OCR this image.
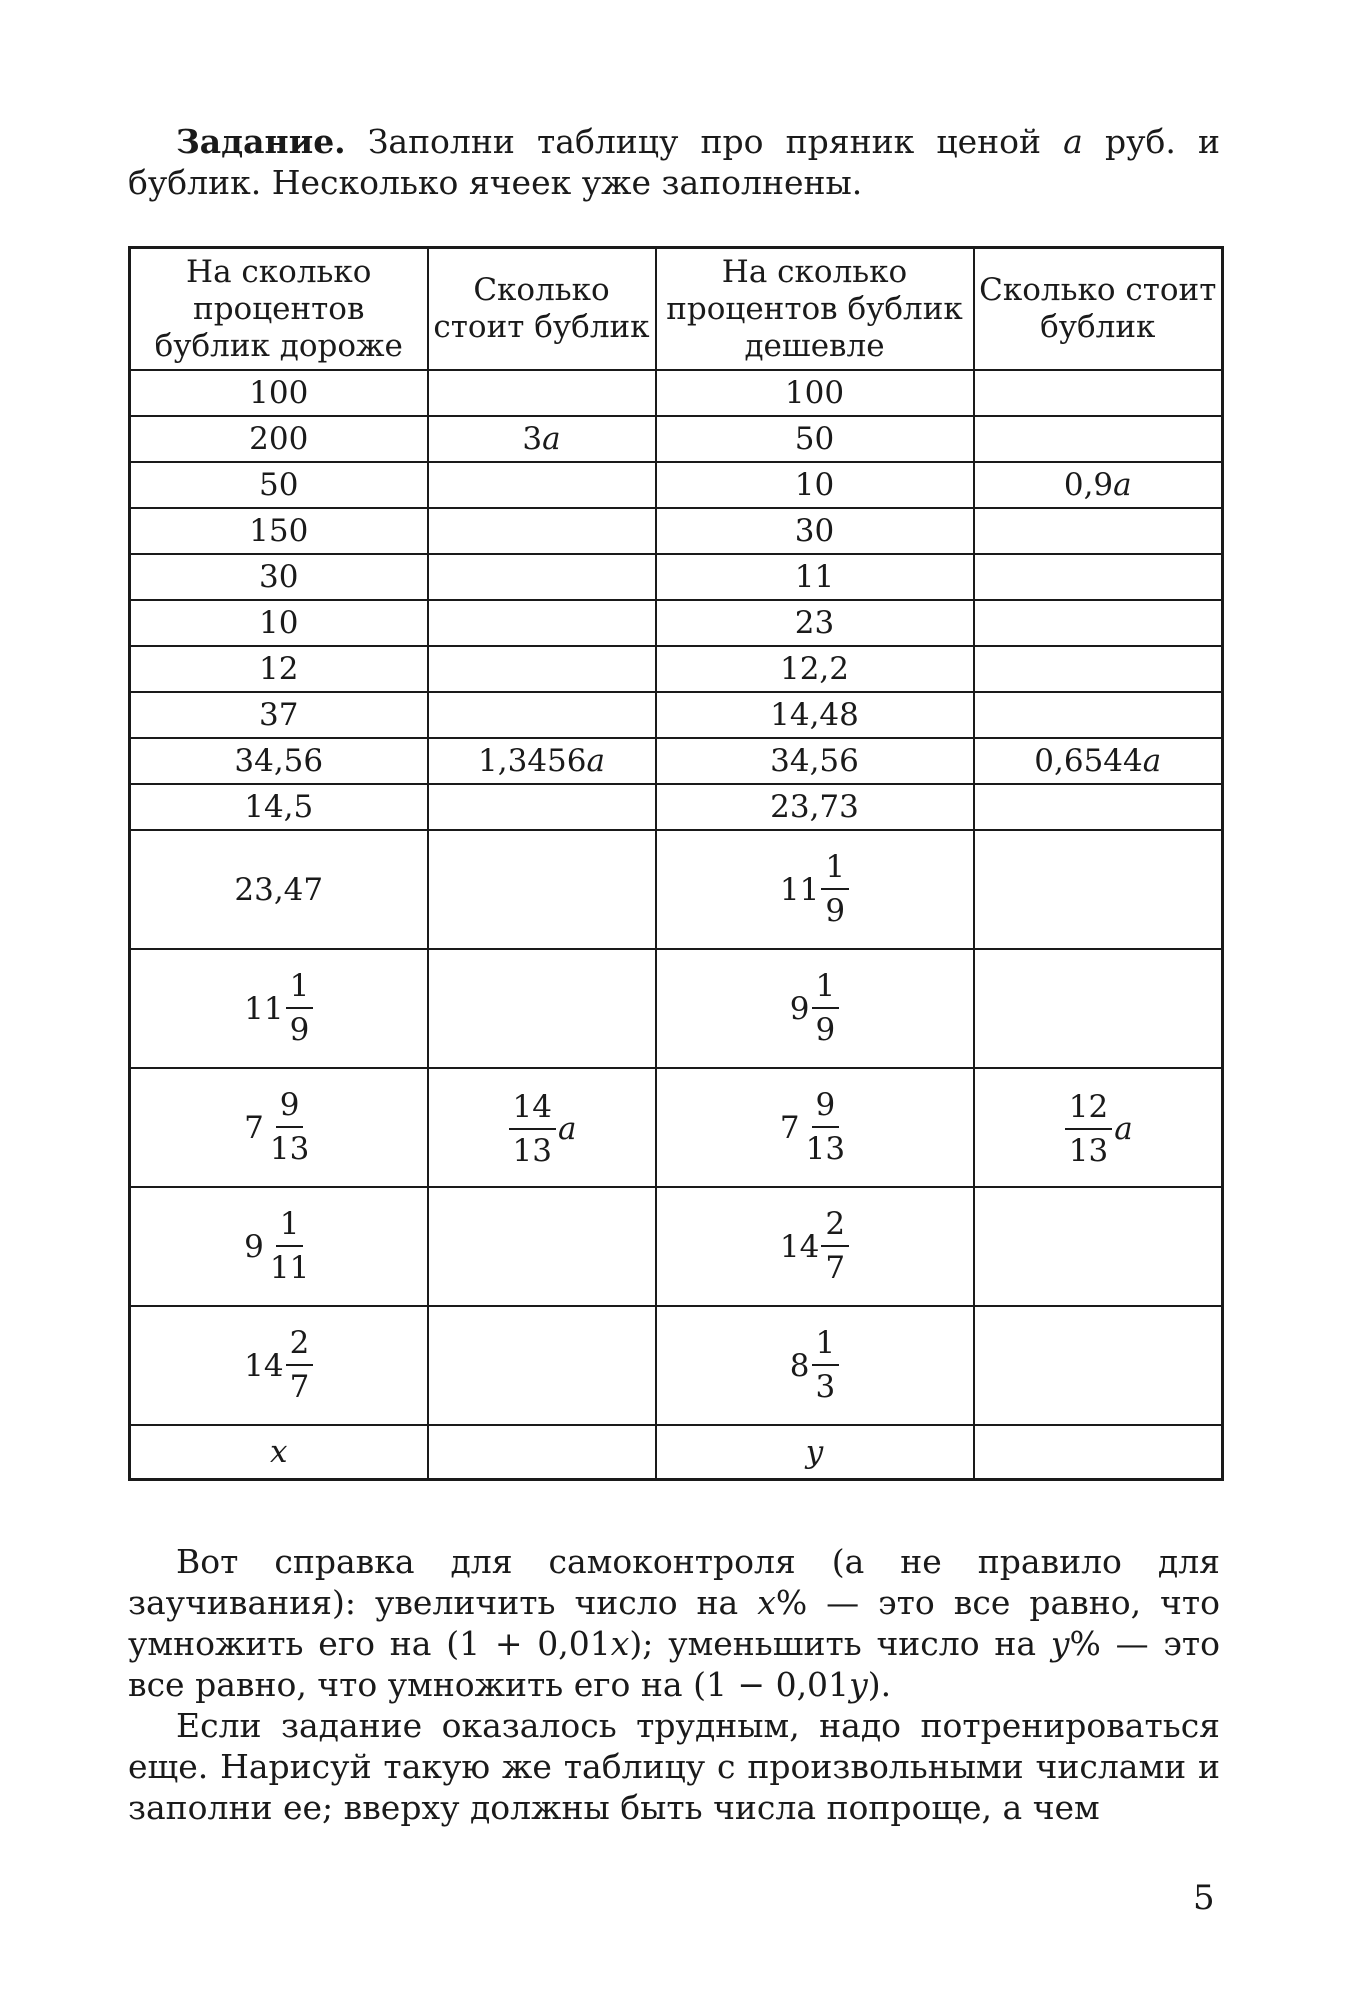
Задание. Заполни таблицу про пряник ценой a руб. и бублик. Несколько ячеек уже заполнены.

На сколько процентов бублик дороже	Сколько стоит бублик	На сколько процентов бублик дешевле	Сколько стоит бублик
100		100	
200	3a	50	
50		10	0,9a
150		30	
30		11	
10		23	
12		12,2	
37		14,48	
34,56	1,3456a	34,56	0,6544a
14,5		23,73	
23,47		$11 \frac{1}{9}$

$11 \frac{1}{9}$		$9 \frac{1}{9}$

$7 \frac{9}{13}$	$\frac{14}{13}$ a	$7 \frac{9}{13}$	$\frac{12}{13}$ a

$9 \frac{1}{11}$		$14 \frac{2}{7}$

$14 \frac{2}{7}$		$8 \frac{1}{3}$

x		y	

Вот справка для самоконтроля (а не правило для заучивания): увеличить число на x% — это все равно, что умножить его на (1 + 0,01x); уменьшить число на y% — это все равно, что умножить его на (1 − 0,01y).

Если задание оказалось трудным, надо потренироваться еще. Нарисуй такую же таблицу с произвольными числами и заполни ее; вверху должны быть числа попроще, а чем

5
